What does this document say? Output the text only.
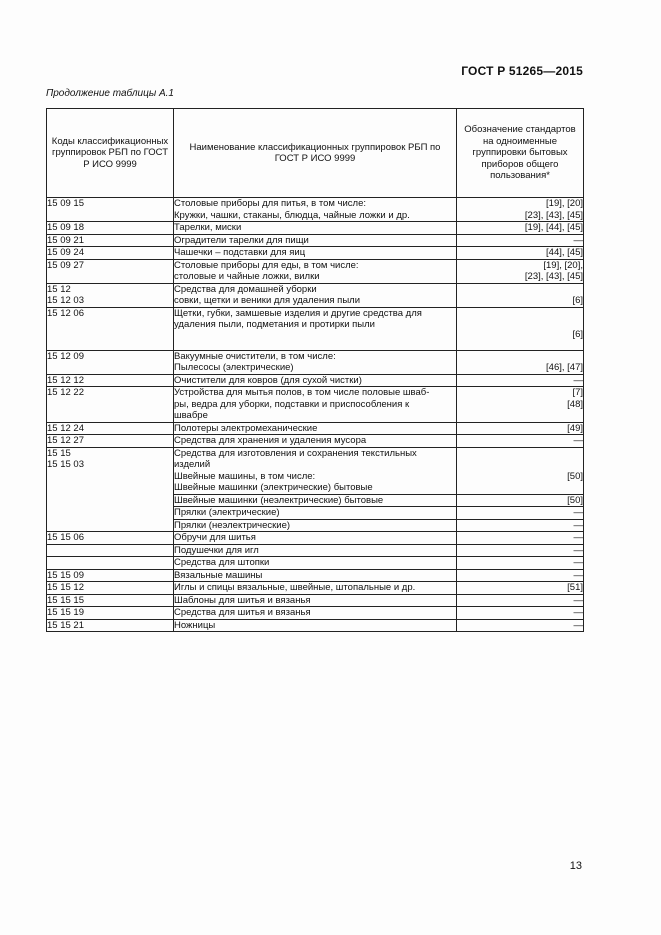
ГОСТ Р 51265—2015
Продолжение таблицы А.1
Коды классификационных группировок РБП по ГОСТ Р ИСО 9999	Наименование классификационных группировок РБП по ГОСТ Р ИСО 9999	Обозначение стандартов на одноименные группировки бытовых приборов общего пользования*

15 09 15	Столовые приборы для питья, в том числе:
Кружки, чашки, стаканы, блюдца, чайные ложки и др.	[19], [20]
[23], [43], [45]

15 09 18	Тарелки, миски	[19], [44], [45]

15 09 21	Оградители тарелки для пищи	—

15 09 24	Чашечки – подставки для яиц	[44], [45]

15 09 27	Столовые приборы для еды, в том числе:
столовые и чайные ложки, вилки	[19], [20],
[23], [43], [45]

15 12
15 12 03	Средства для домашней уборки
совки, щетки и веники для удаления пыли	[6]

15 12 06	Щетки, губки, замшевые изделия и другие средства для
удаления пыли, подметания и протирки пыли	[6]

15 12 09	Вакуумные очистители, в том числе:
Пылесосы (электрические)	[46], [47]

15 12 12	Очистители для ковров (для сухой чистки)	—

15 12 22	Устройства для мытья полов, в том числе половые шваб-
ры, ведра для уборки, подставки и приспособления к
швабре	[7]
[48]

15 12 24	Полотеры электромеханические	[49]

15 12 27	Средства для хранения и удаления мусора	—

15 15
15 15 03	Средства для изготовления и сохранения текстильных
изделий
Швейные машины, в том числе:
Швейные машинки (электрические) бытовые	[50]

	Швейные машинки (неэлектрические) бытовые	[50]

	Прялки (электрические)	—

	Прялки (неэлектрические)	—

15 15 06	Обручи для шитья	—

	Подушечки для игл	—

	Средства для штопки	—

15 15 09	Вязальные машины	—

15 15 12	Иглы и спицы вязальные, швейные, штопальные и др.	[51]

15 15 15	Шаблоны для шитья и вязанья	—

15 15 19	Средства для шитья и вязанья	—

15 15 21	Ножницы	—
13
